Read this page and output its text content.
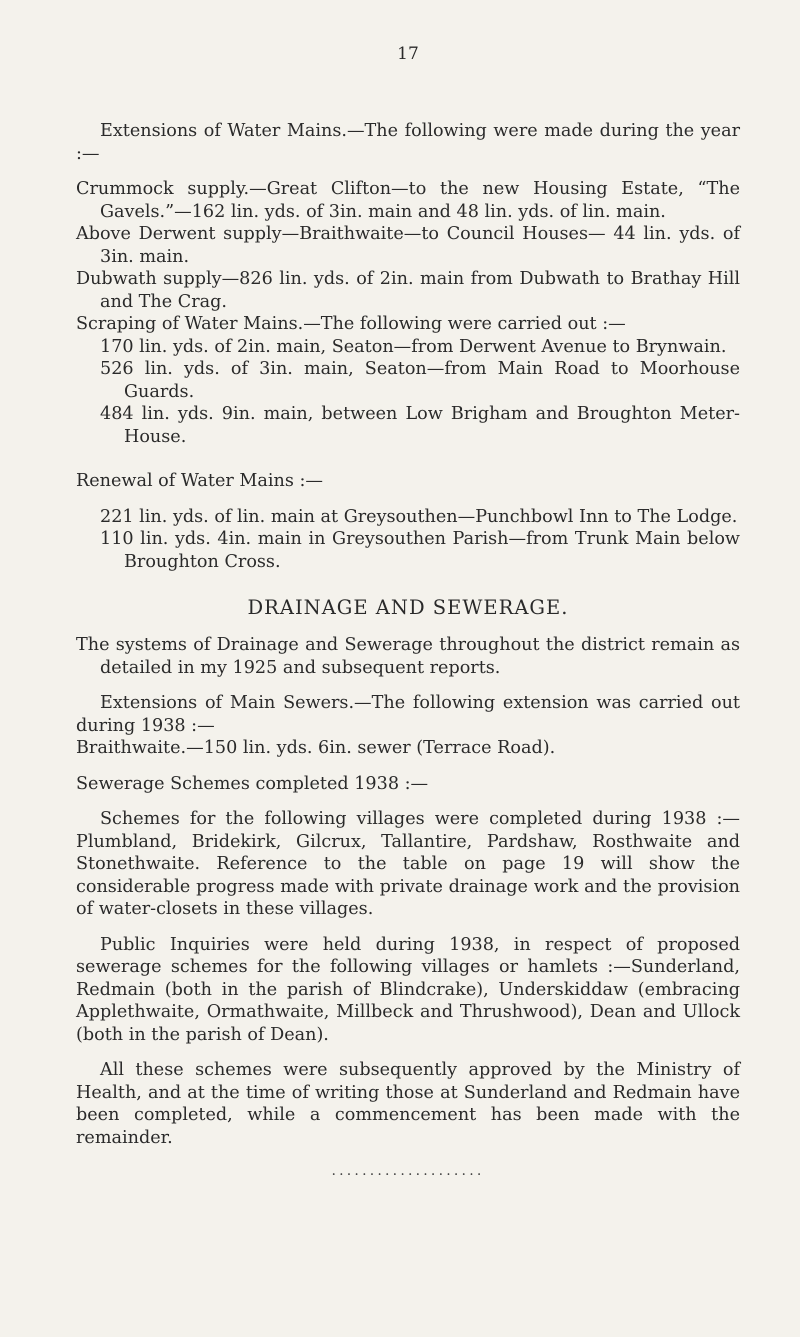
17

Extensions of Water Mains.—The following were made during the year :—

Crummock supply.—Great Clifton—to the new Housing Estate, “The Gavels.”—162 lin. yds. of 3in. main and 48 lin. yds. of lin. main.

Above Derwent supply—Braithwaite—to Council Houses— 44 lin. yds. of 3in. main.

Dubwath supply—826 lin. yds. of 2in. main from Dubwath to Brathay Hill and The Crag.

Scraping of Water Mains.—The following were carried out :—

170 lin. yds. of 2in. main, Seaton—from Derwent Avenue to Brynwain.

526 lin. yds. of 3in. main, Seaton—from Main Road to Moorhouse Guards.

484 lin. yds. 9in. main, between Low Brigham and Broughton Meter-House.

Renewal of Water Mains :—

221 lin. yds. of lin. main at Greysouthen—Punchbowl Inn to The Lodge.

110 lin. yds. 4in. main in Greysouthen Parish—from Trunk Main below Broughton Cross.

DRAINAGE AND SEWERAGE.

The systems of Drainage and Sewerage throughout the district remain as detailed in my 1925 and subsequent reports.

Extensions of Main Sewers.—The following extension was carried out during 1938 :—

Braithwaite.—150 lin. yds. 6in. sewer (Terrace Road).

Sewerage Schemes completed 1938 :—

Schemes for the following villages were completed during 1938 :—Plumbland, Bridekirk, Gilcrux, Tallantire, Pardshaw, Rosthwaite and Stonethwaite. Reference to the table on page 19 will show the considerable progress made with private drainage work and the provision of water-closets in these villages.

Public Inquiries were held during 1938, in respect of proposed sewerage schemes for the following villages or hamlets :—Sunderland, Redmain (both in the parish of Blindcrake), Underskiddaw (embracing Applethwaite, Ormathwaite, Millbeck and Thrushwood), Dean and Ullock (both in the parish of Dean).

All these schemes were subsequently approved by the Ministry of Health, and at the time of writing those at Sunderland and Redmain have been completed, while a commencement has been made with the remainder.

....................
